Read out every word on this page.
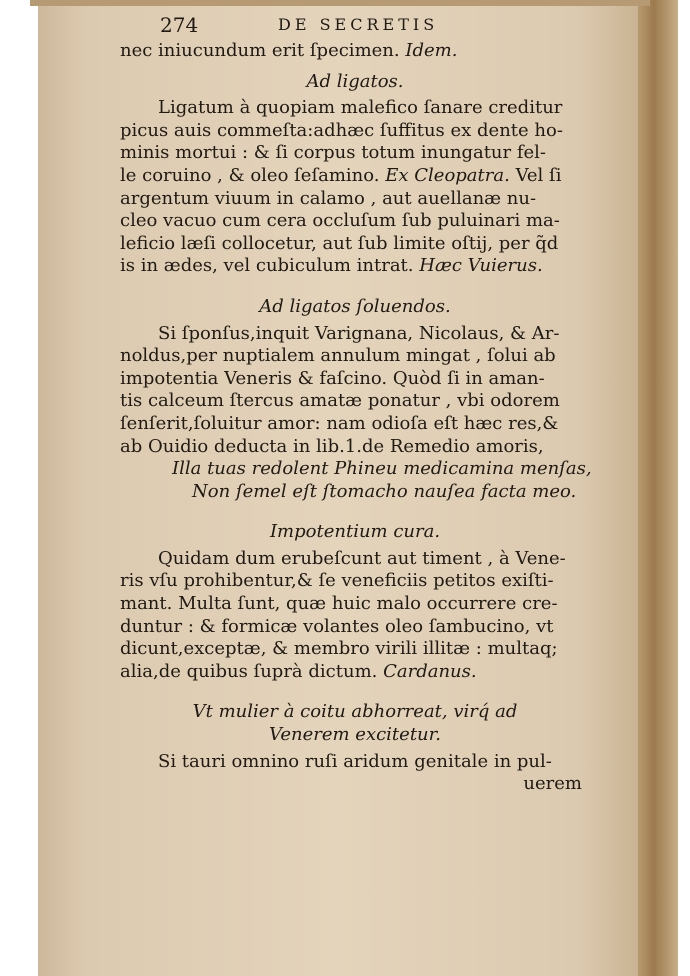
274	DE SECRETIS
nec iniucundum erit ſpecimen. Idem.
Ad ligatos.
Ligatum à quopiam malefico ſanare creditur
picus auis commeſta:adhæc ſuffitus ex dente ho-
minis mortui : & ſi corpus totum inungatur fel-
le coruino , & oleo ſeſamino. Ex Cleopatra. Vel ſi
argentum viuum in calamo , aut auellanæ nu-
cleo vacuo cum cera occluſum ſub puluinari ma-
leficio læſi collocetur, aut ſub limite oſtij, per q̃d
is in ædes, vel cubiculum intrat. Hæc Vuierus.
Ad ligatos ſoluendos.
Si ſponſus,inquit Varignana, Nicolaus, & Ar-
noldus,per nuptialem annulum mingat , ſolui ab
impotentia Veneris & faſcino. Quòd ſi in aman-
tis calceum ſtercus amatæ ponatur , vbi odorem
ſenſerit,ſoluitur amor: nam odioſa eſt hæc res,&
ab Ouidio deducta in lib.1.de Remedio amoris,
Illa tuas redolent Phineu medicamina menſas,
Non ſemel eſt ſtomacho nauſea facta meo.
Impotentium cura.
Quidam dum erubeſcunt aut timent , à Vene-
ris vſu prohibentur,& ſe veneficiis petitos exiſti-
mant. Multa ſunt, quæ huic malo occurrere cre-
duntur : & formicæ volantes oleo ſambucino, vt
dicunt,exceptæ, & membro virili illitæ : multaq;
alia,de quibus ſuprà dictum. Cardanus.
Vt mulier à coitu abhorreat, virq́ ad
Venerem excitetur.
Si tauri omnino ruſi aridum genitale in pul-
uerem
